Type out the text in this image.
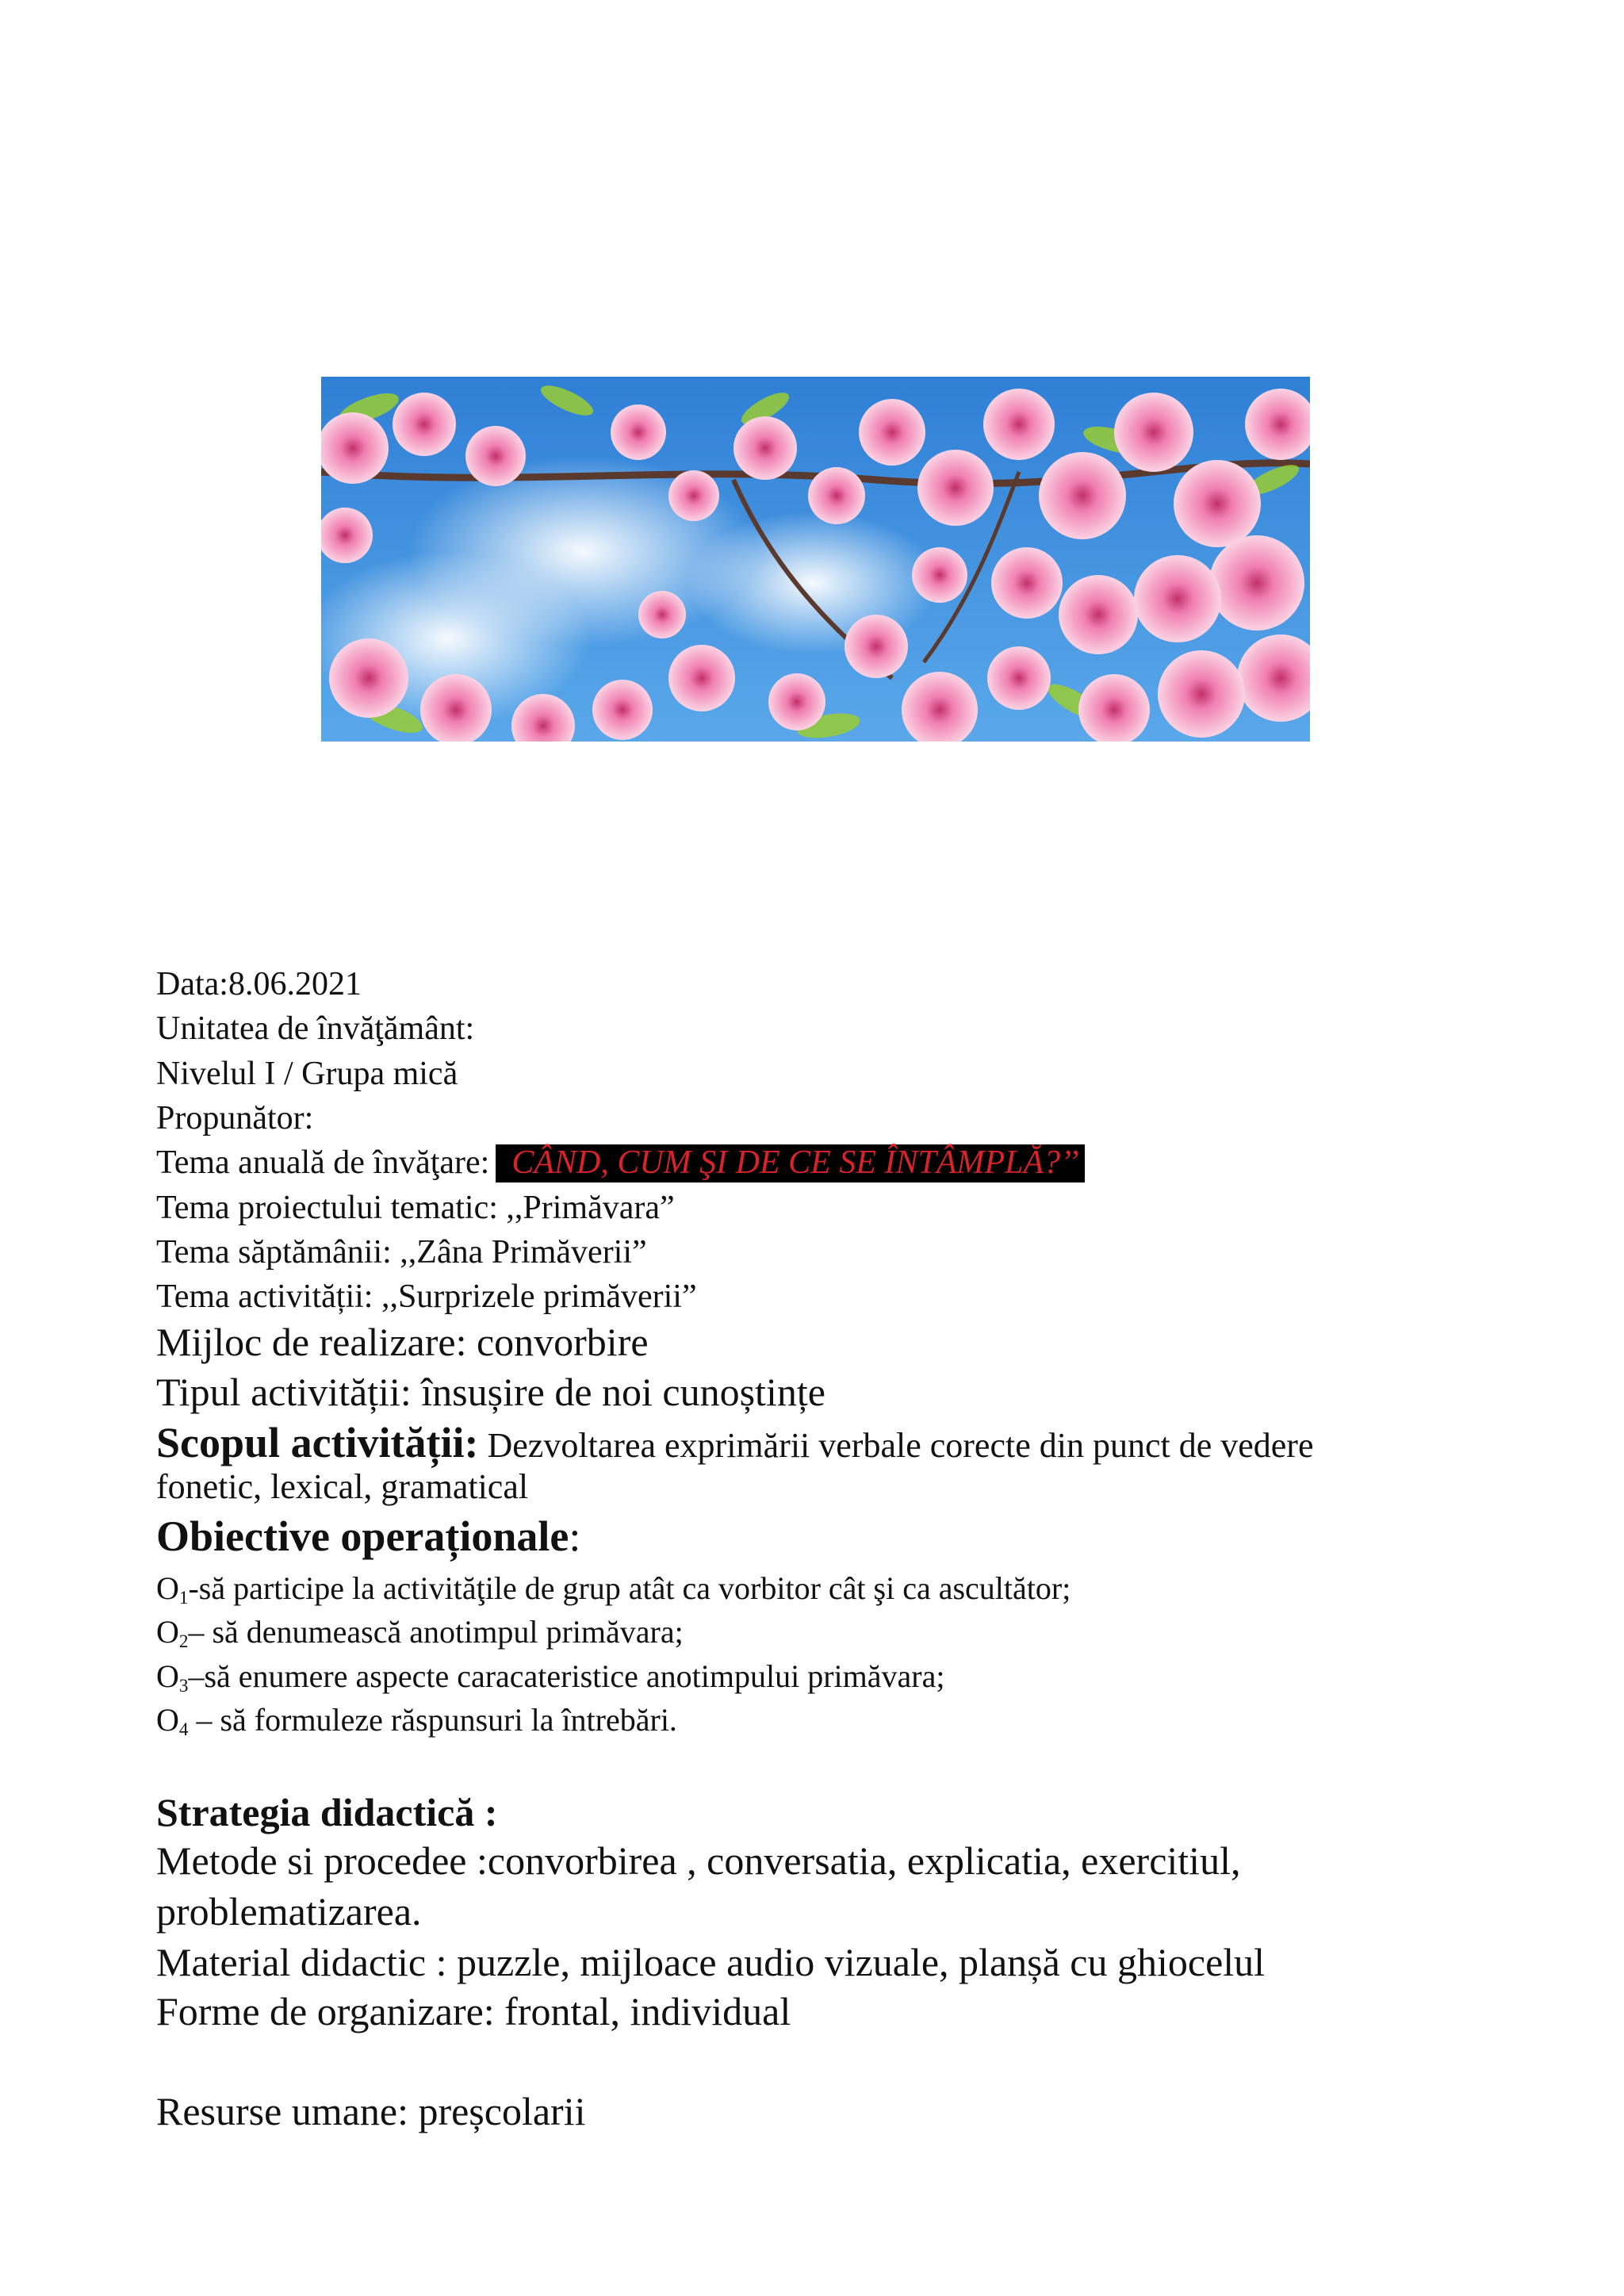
Data:8.06.2021
Unitatea de învăţământ:
Nivelul I / Grupa mică
Propunător:
Tema anuală de învăţare: CÂND, CUM ŞI DE CE SE ÎNTÂMPLĂ?’’
Tema proiectului tematic: ,,Primăvara”
Tema săptămânii: ,,Zâna Primăverii”
Tema activității: ,,Surprizele primăverii”
Mijloc de realizare: convorbire
Tipul activității: însușire de noi cunoștințe
Scopul activității: Dezvoltarea exprimării verbale corecte din punct de vedere
fonetic, lexical, gramatical
Obiective operaționale:
$O_1-să$ participe la activităţile de grup atât ca vorbitor cât şi ca ascultător;
$O_2-$ să denumească anotimpul primăvara;
$O_3-să$ enumere aspecte caracateristice anotimpului primăvara;
$O_4$ – să formuleze răspunsuri la întrebări.
Strategia didactică :
Metode si procedee :convorbirea , conversatia, explicatia, exercitiul,
problematizarea.
Material didactic : puzzle, mijloace audio vizuale, planșă cu ghiocelul
Forme de organizare: frontal, individual
Resurse umane: preșcolarii
